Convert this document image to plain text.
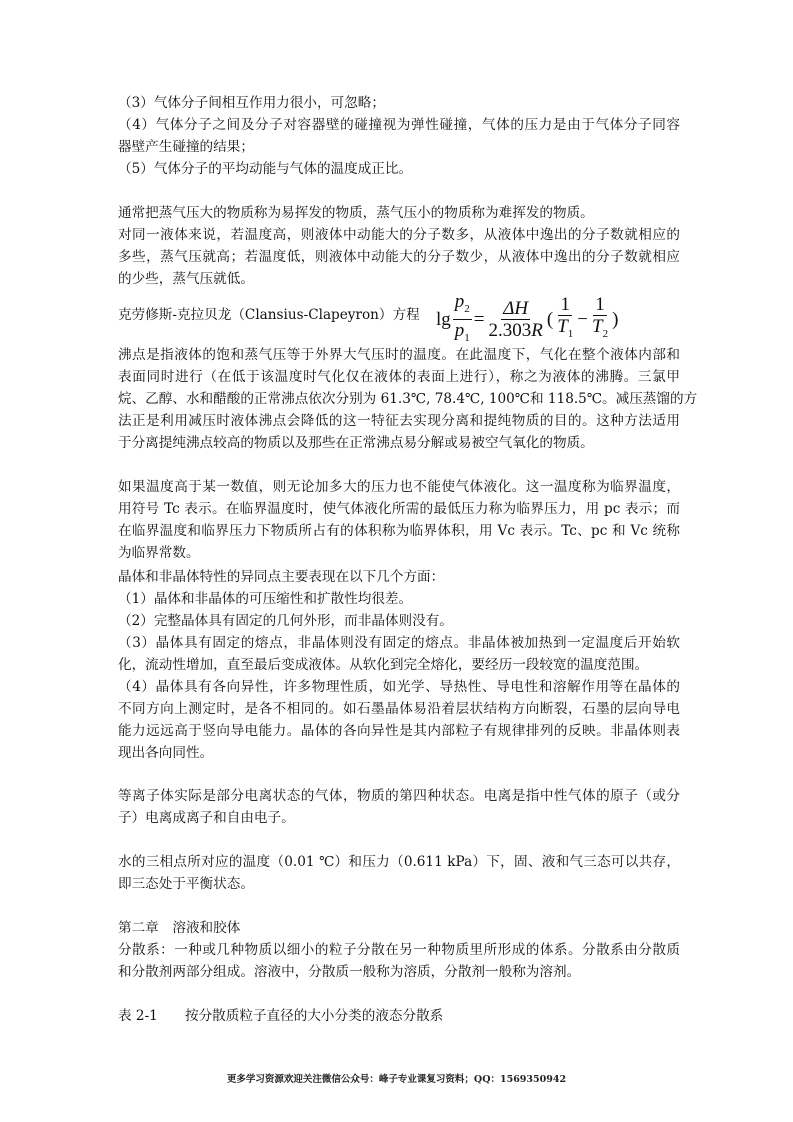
（3）气体分子间相互作用力很小，可忽略；
（4）气体分子之间及分子对容器壁的碰撞视为弹性碰撞，气体的压力是由于气体分子同容
器壁产生碰撞的结果；
（5）气体分子的平均动能与气体的温度成正比。
通常把蒸气压大的物质称为易挥发的物质，蒸气压小的物质称为难挥发的物质。
对同一液体来说，若温度高，则液体中动能大的分子数多，从液体中逸出的分子数就相应的
多些，蒸气压就高；若温度低，则液体中动能大的分子数少，从液体中逸出的分子数就相应
的少些，蒸气压就低。
沸点是指液体的饱和蒸气压等于外界大气压时的温度。在此温度下，气化在整个液体内部和
表面同时进行（在低于该温度时气化仅在液体的表面上进行），称之为液体的沸腾。三氯甲
烷、乙醇、水和醋酸的正常沸点依次分别为 61.3℃, 78.4℃, 100℃和 118.5℃。减压蒸馏的方
法正是利用减压时液体沸点会降低的这一特征去实现分离和提纯物质的目的。这种方法适用
于分离提纯沸点较高的物质以及那些在正常沸点易分解或易被空气氧化的物质。
如果温度高于某一数值，则无论加多大的压力也不能使气体液化。这一温度称为临界温度，
用符号 Tc 表示。在临界温度时，使气体液化所需的最低压力称为临界压力，用 pc 表示；而
在临界温度和临界压力下物质所占有的体积称为临界体积，用 Vc 表示。Tc、pc 和 Vc 统称
为临界常数。
晶体和非晶体特性的异同点主要表现在以下几个方面：
（1）晶体和非晶体的可压缩性和扩散性均很差。
（2）完整晶体具有固定的几何外形，而非晶体则没有。
（3）晶体具有固定的熔点，非晶体则没有固定的熔点。非晶体被加热到一定温度后开始软
化，流动性增加，直至最后变成液体。从软化到完全熔化，要经历一段较宽的温度范围。
（4）晶体具有各向异性，许多物理性质，如光学、导热性、导电性和溶解作用等在晶体的
不同方向上测定时，是各不相同的。如石墨晶体易沿着层状结构方向断裂，石墨的层向导电
能力远远高于竖向导电能力。晶体的各向异性是其内部粒子有规律排列的反映。非晶体则表
现出各向同性。
等离子体实际是部分电离状态的气体，物质的第四种状态。电离是指中性气体的原子（或分
子）电离成离子和自由电子。
水的三相点所对应的温度（0.01 ℃）和压力（0.611 kPa）下，固、液和气三态可以共存，
即三态处于平衡状态。
第二章　溶液和胶体
分散系：一种或几种物质以细小的粒子分散在另一种物质里所形成的体系。分散系由分散质
和分散剂两部分组成。溶液中，分散质一般称为溶质，分散剂一般称为溶剂。
表 2-1　　按分散质粒子直径的大小分类的液态分散系
克劳修斯-克拉贝龙（Clansius-Clapeyron）方程 $\lg \frac{p_2}{p_1} = \frac{\Delta H}{2.303R}$ ( $\frac{1}{T_1} - \frac{1}{T_2}$ )
更多学习资源欢迎关注微信公众号：峰子专业课复习资料；QQ：1569350942
